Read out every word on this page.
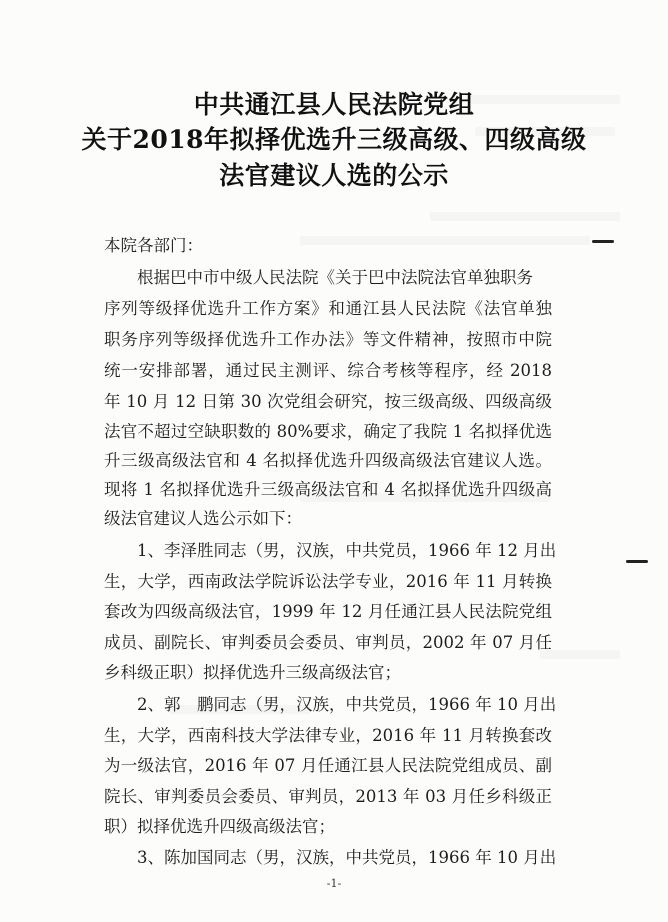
中共通江县人民法院党组
关于2018年拟择优选升三级高级、四级高级
法官建议人选的公示
本院各部门：
根据巴中市中级人民法院《关于巴中法院法官单独职务
序列等级择优选升工作方案》和通江县人民法院《法官单独
职务序列等级择优选升工作办法》等文件精神，按照市中院
统一安排部署，通过民主测评、综合考核等程序，经 2018
年 10 月 12 日第 30 次党组会研究，按三级高级、四级高级
法官不超过空缺职数的 80%要求，确定了我院 1 名拟择优选
升三级高级法官和 4 名拟择优选升四级高级法官建议人选。
现将 1 名拟择优选升三级高级法官和 4 名拟择优选升四级高
级法官建议人选公示如下：
1、李泽胜同志（男，汉族，中共党员，1966 年 12 月出
生，大学，西南政法学院诉讼法学专业，2016 年 11 月转换
套改为四级高级法官，1999 年 12 月任通江县人民法院党组
成员、副院长、审判委员会委员、审判员，2002 年 07 月任
乡科级正职）拟择优选升三级高级法官；
2、郭　鹏同志（男，汉族，中共党员，1966 年 10 月出
生，大学，西南科技大学法律专业，2016 年 11 月转换套改
为一级法官，2016 年 07 月任通江县人民法院党组成员、副
院长、审判委员会委员、审判员，2013 年 03 月任乡科级正
职）拟择优选升四级高级法官；
3、陈加国同志（男，汉族，中共党员，1966 年 10 月出
-1-
